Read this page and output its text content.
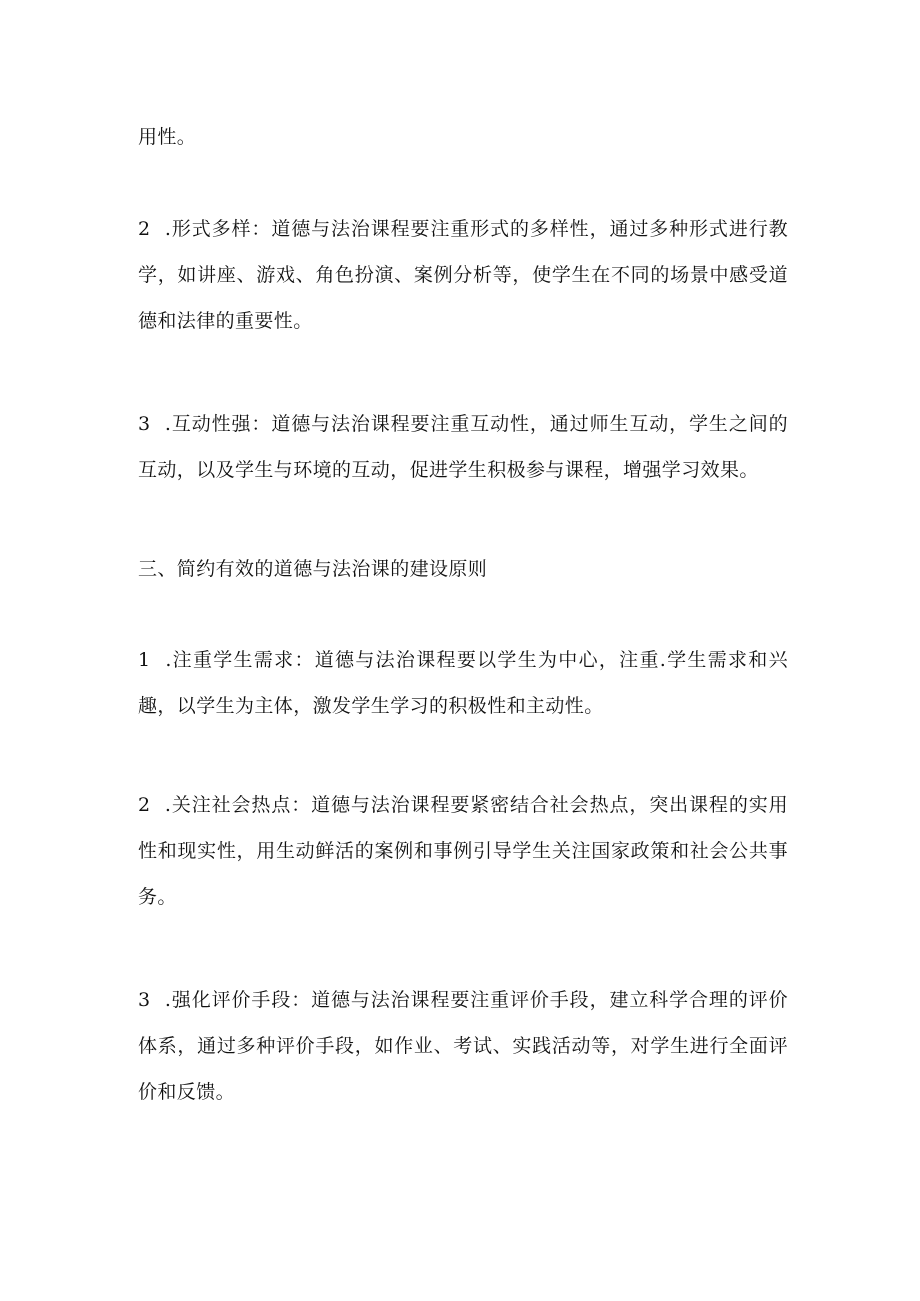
用性。

2 .形式多样：道德与法治课程要注重形式的多样性，通过多种形式进行教学，如讲座、游戏、角色扮演、案例分析等，使学生在不同的场景中感受道德和法律的重要性。

3 .互动性强：道德与法治课程要注重互动性，通过师生互动，学生之间的互动，以及学生与环境的互动，促进学生积极参与课程，增强学习效果。

三、简约有效的道德与法治课的建设原则

1 .注重学生需求：道德与法治课程要以学生为中心，注重.学生需求和兴趣，以学生为主体，激发学生学习的积极性和主动性。

2 .关注社会热点：道德与法治课程要紧密结合社会热点，突出课程的实用性和现实性，用生动鲜活的案例和事例引导学生关注国家政策和社会公共事务。

3 .强化评价手段：道德与法治课程要注重评价手段，建立科学合理的评价体系，通过多种评价手段，如作业、考试、实践活动等，对学生进行全面评价和反馈。
